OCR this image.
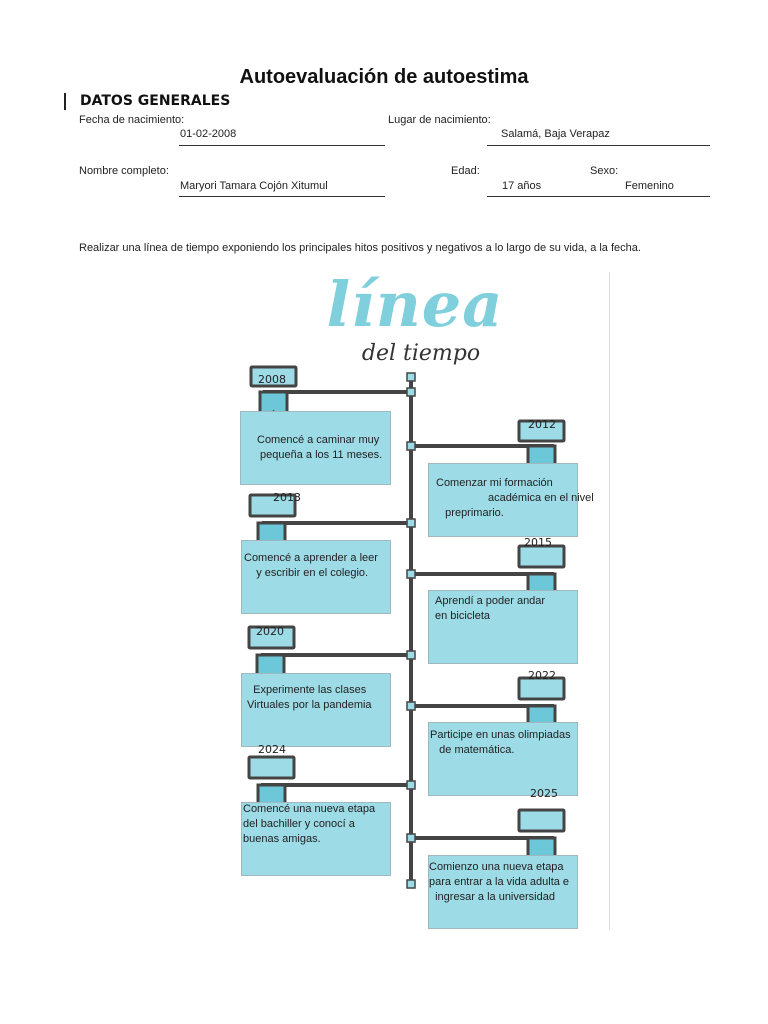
Autoevaluación de autoestima
DATOS GENERALES
Fecha de nacimiento:
01-02-2008
Lugar de nacimiento:
Salamá, Baja Verapaz
Nombre completo:
Maryori Tamara Cojón Xitumul
Edad:
17 años
Sexo:
Femenino
Realizar una línea de tiempo exponiendo los principales hitos positivos y negativos a lo largo de su vida, a la fecha.
línea
del tiempo
2008
Comencé a caminar muy
pequeña a los 11 meses.
2012
Comenzar mi formación
académica en el nivel
preprimario.
2013
Comencé a aprender a leer
y escribir en el colegio.
2015
Aprendí a poder andar
en bicicleta
2020
Experimente las clases
Virtuales por la pandemia
2022
Participe en unas olimpiadas
de matemática.
2024
Comencé una nueva etapa
del bachiller y conocí a
buenas amigas.
2025
Comienzo una nueva etapa
para entrar a la vida adulta e
ingresar a la universidad
